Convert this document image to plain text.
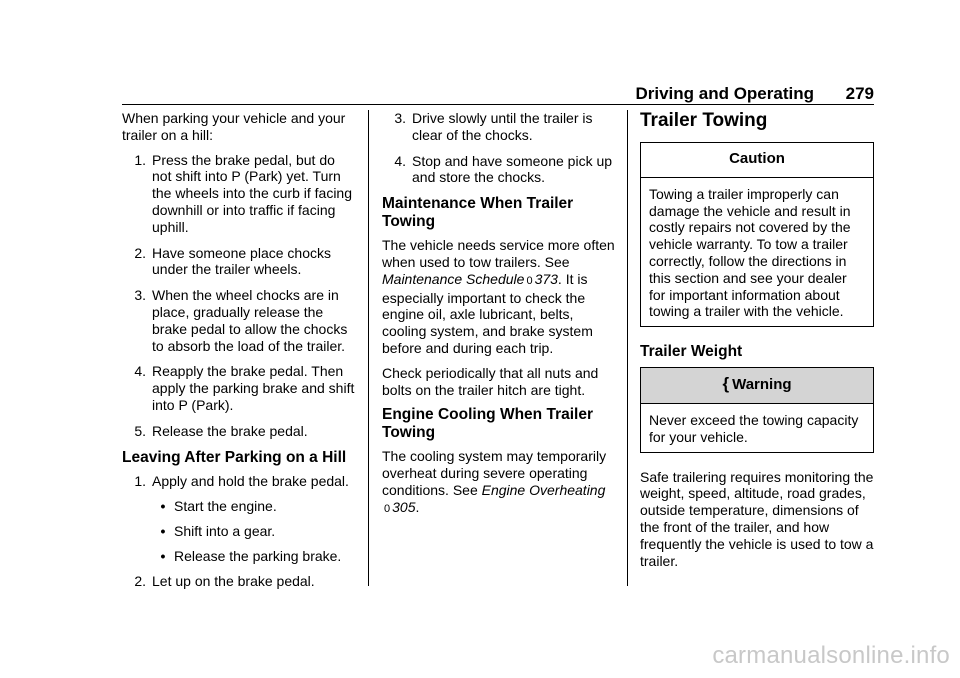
Driving and Operating 279

When parking your vehicle and your trailer on a hill:

1. Press the brake pedal, but do not shift into P (Park) yet. Turn the wheels into the curb if facing downhill or into traffic if facing uphill.
2. Have someone place chocks under the trailer wheels.
3. When the wheel chocks are in place, gradually release the brake pedal to allow the chocks to absorb the load of the trailer.
4. Reapply the brake pedal. Then apply the parking brake and shift into P (Park).
5. Release the brake pedal.
Leaving After Parking on a Hill
1. Apply and hold the brake pedal.
• Start the engine.
• Shift into a gear.
• Release the parking brake.
2. Let up on the brake pedal.
3. Drive slowly until the trailer is clear of the chocks.
4. Stop and have someone pick up and store the chocks.
Maintenance When Trailer Towing

The vehicle needs service more often when used to tow trailers. See Maintenance Schedule 0 373. It is especially important to check the engine oil, axle lubricant, belts, cooling system, and brake system before and during each trip.

Check periodically that all nuts and bolts on the trailer hitch are tight.

Engine Cooling When Trailer Towing

The cooling system may temporarily overheat during severe operating conditions. See Engine Overheating
0 305.

Trailer Towing
Caution
Towing a trailer improperly can damage the vehicle and result in costly repairs not covered by the vehicle warranty. To tow a trailer correctly, follow the directions in this section and see your dealer for important information about towing a trailer with the vehicle.
Trailer Weight
{ Warning
Never exceed the towing capacity for your vehicle.

Safe trailering requires monitoring the weight, speed, altitude, road grades, outside temperature, dimensions of the front of the trailer, and how frequently the vehicle is used to tow a trailer.

carmanualsonline.info
